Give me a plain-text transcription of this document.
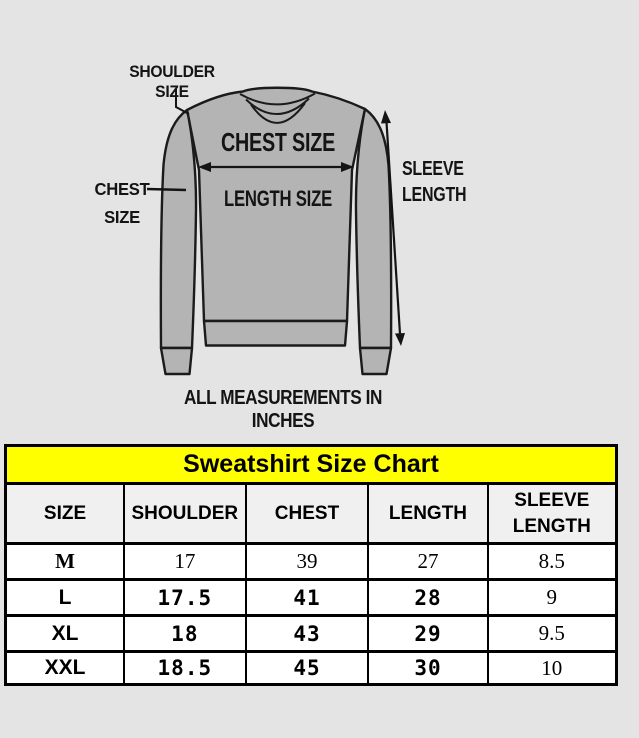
SHOULDER SIZE
CHEST SIZE
CHEST SIZE
LENGTH SIZE
SLEEVE LENGTH
ALL MEASUREMENTS IN INCHES
Sweatshirt Size Chart				
SIZE	SHOULDER	CHEST	LENGTH	SLEEVE LENGTH
M	17	39	27	8.5
L	17.5	41	28	9
XL	18	43	29	9.5
XXL	18.5	45	30	10
